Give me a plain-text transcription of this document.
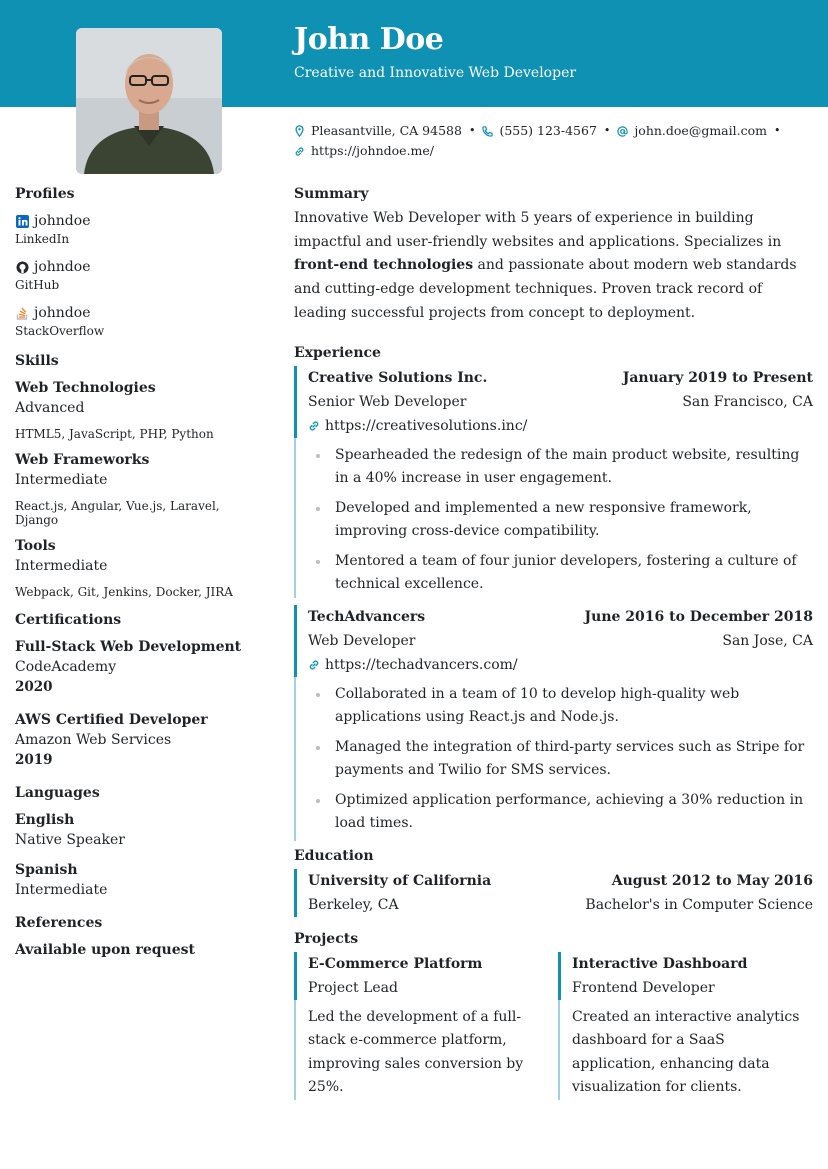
John Doe
Creative and Innovative Web Developer
Pleasantville, CA 94588 • (555) 123-4567 • john.doe@gmail.com •
https://johndoe.me/
Profiles
johndoe
LinkedIn
johndoe
GitHub
johndoe
StackOverflow
Skills
Web Technologies
Advanced
HTML5, JavaScript, PHP, Python
Web Frameworks
Intermediate
React.js, Angular, Vue.js, Laravel, Django
Tools
Intermediate
Webpack, Git, Jenkins, Docker, JIRA
Certifications
Full-Stack Web Development
CodeAcademy
2020
AWS Certified Developer
Amazon Web Services
2019
Languages
English
Native Speaker
Spanish
Intermediate
References
Available upon request
Summary
Innovative Web Developer with 5 years of experience in building impactful and user-friendly websites and applications. Specializes in front-end technologies and passionate about modern web standards and cutting-edge development techniques. Proven track record of leading successful projects from concept to deployment.
Experience
Creative Solutions Inc.	January 2019 to Present
Senior Web Developer	San Francisco, CA
https://creativesolutions.inc/
Spearheaded the redesign of the main product website, resulting in a 40% increase in user engagement.
Developed and implemented a new responsive framework, improving cross-device compatibility.
Mentored a team of four junior developers, fostering a culture of technical excellence.
TechAdvancers	June 2016 to December 2018
Web Developer	San Jose, CA
https://techadvancers.com/
Collaborated in a team of 10 to develop high-quality web applications using React.js and Node.js.
Managed the integration of third-party services such as Stripe for payments and Twilio for SMS services.
Optimized application performance, achieving a 30% reduction in load times.
Education
University of California	August 2012 to May 2016
Berkeley, CA	Bachelor's in Computer Science
Projects
E-Commerce Platform
Project Lead
Led the development of a full-stack e-commerce platform, improving sales conversion by 25%.
Interactive Dashboard
Frontend Developer
Created an interactive analytics dashboard for a SaaS application, enhancing data visualization for clients.
